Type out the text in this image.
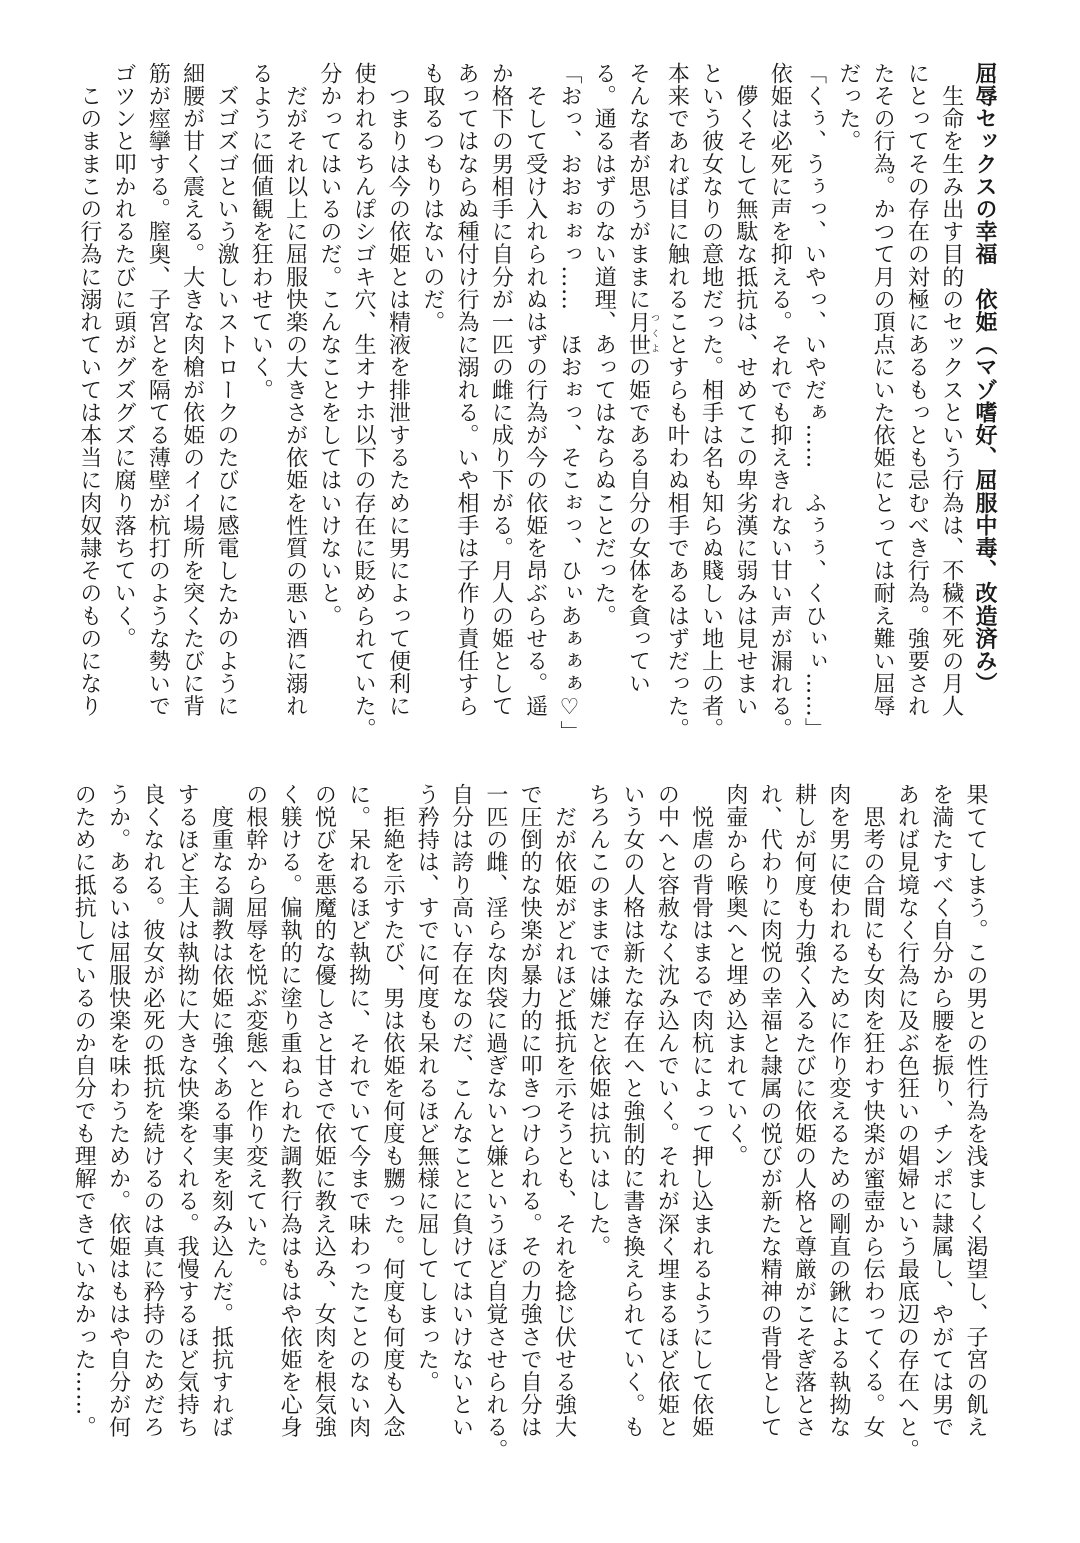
屈辱セックスの幸福　依姫（マゾ嗜好、屈服中毒、改造済み）
　生命を生み出す目的のセックスという行為は、不穢不死の月人
にとってその存在の対極にあるもっとも忌むべき行為。強要され
たその行為。かつて月の頂点にいた依姫にとっては耐え難い屈辱
だった。
「くぅ、うぅっ、いやっ、いやだぁ……　ふぅぅ、くひぃぃ……」
依姫は必死に声を抑える。それでも抑えきれない甘い声が漏れる。
　儚くそして無駄な抵抗は、せめてこの卑劣漢に弱みは見せまい
という彼女なりの意地だった。相手は名も知らぬ賤しい地上の者。
本来であれば目に触れることすらも叶わぬ相手であるはずだった。
そんな者が思うがままに月世つくよの姫である自分の女体を貪ってい
る。通るはずのない道理、あってはならぬことだった。
「おっ、おおぉぉっ……　ほおぉっ、そこぉっ、ひぃあぁぁぁ♡」
　そして受け入れられぬはずの行為が今の依姫を昂ぶらせる。遥
か格下の男相手に自分が一匹の雌に成り下がる。月人の姫として
あってはならぬ種付け行為に溺れる。いや相手は子作り責任すら
も取るつもりはないのだ。
　つまりは今の依姫とは精液を排泄するために男によって便利に
使われるちんぽシゴキ穴、生オナホ以下の存在に貶められていた。
分かってはいるのだ。こんなことをしてはいけないと。
　だがそれ以上に屈服快楽の大きさが依姫を性質の悪い酒に溺れ
るように価値観を狂わせていく。
　ズゴズゴという激しいストロークのたびに感電したかのように
細腰が甘く震える。大きな肉槍が依姫のイイ場所を突くたびに背
筋が痙攣する。膣奥、子宮とを隔てる薄壁が杭打のような勢いで
ゴツンと叩かれるたびに頭がグズグズに腐り落ちていく。
　このままこの行為に溺れていては本当に肉奴隷そのものになり
果ててしまう。この男との性行為を浅ましく渇望し、子宮の飢え
を満たすべく自分から腰を振り、チンポに隷属し、やがては男で
あれば見境なく行為に及ぶ色狂いの娼婦という最底辺の存在へと。
　思考の合間にも女肉を狂わす快楽が蜜壺から伝わってくる。女
肉を男に使われるために作り変えるための剛直の鍬による執拗な
耕しが何度も力強く入るたびに依姫の人格と尊厳がこそぎ落とさ
れ、代わりに肉悦の幸福と隷属の悦びが新たな精神の背骨として
肉壷から喉奥へと埋め込まれていく。
　悦虐の背骨はまるで肉杭によって押し込まれるようにして依姫
の中へと容赦なく沈み込んでいく。それが深く埋まるほど依姫と
いう女の人格は新たな存在へと強制的に書き換えられていく。も
ちろんこのままでは嫌だと依姫は抗いはした。
　だが依姫がどれほど抵抗を示そうとも、それを捻じ伏せる強大
で圧倒的な快楽が暴力的に叩きつけられる。その力強さで自分は
一匹の雌、淫らな肉袋に過ぎないと嫌というほど自覚させられる。
自分は誇り高い存在なのだ、こんなことに負けてはいけないとい
う矜持は、すでに何度も呆れるほど無様に屈してしまった。
　拒絶を示すたび、男は依姫を何度も嬲った。何度も何度も入念
に。呆れるほど執拗に、それでいて今まで味わったことのない肉
の悦びを悪魔的な優しさと甘さで依姫に教え込み、女肉を根気強
く躾ける。偏執的に塗り重ねられた調教行為はもはや依姫を心身
の根幹から屈辱を悦ぶ変態へと作り変えていた。
　度重なる調教は依姫に強くある事実を刻み込んだ。抵抗すれば
するほど主人は執拗に大きな快楽をくれる。我慢するほど気持ち
良くなれる。彼女が必死の抵抗を続けるのは真に矜持のためだろ
うか。あるいは屈服快楽を味わうためか。依姫はもはや自分が何
のために抵抗しているのか自分でも理解できていなかった……。
